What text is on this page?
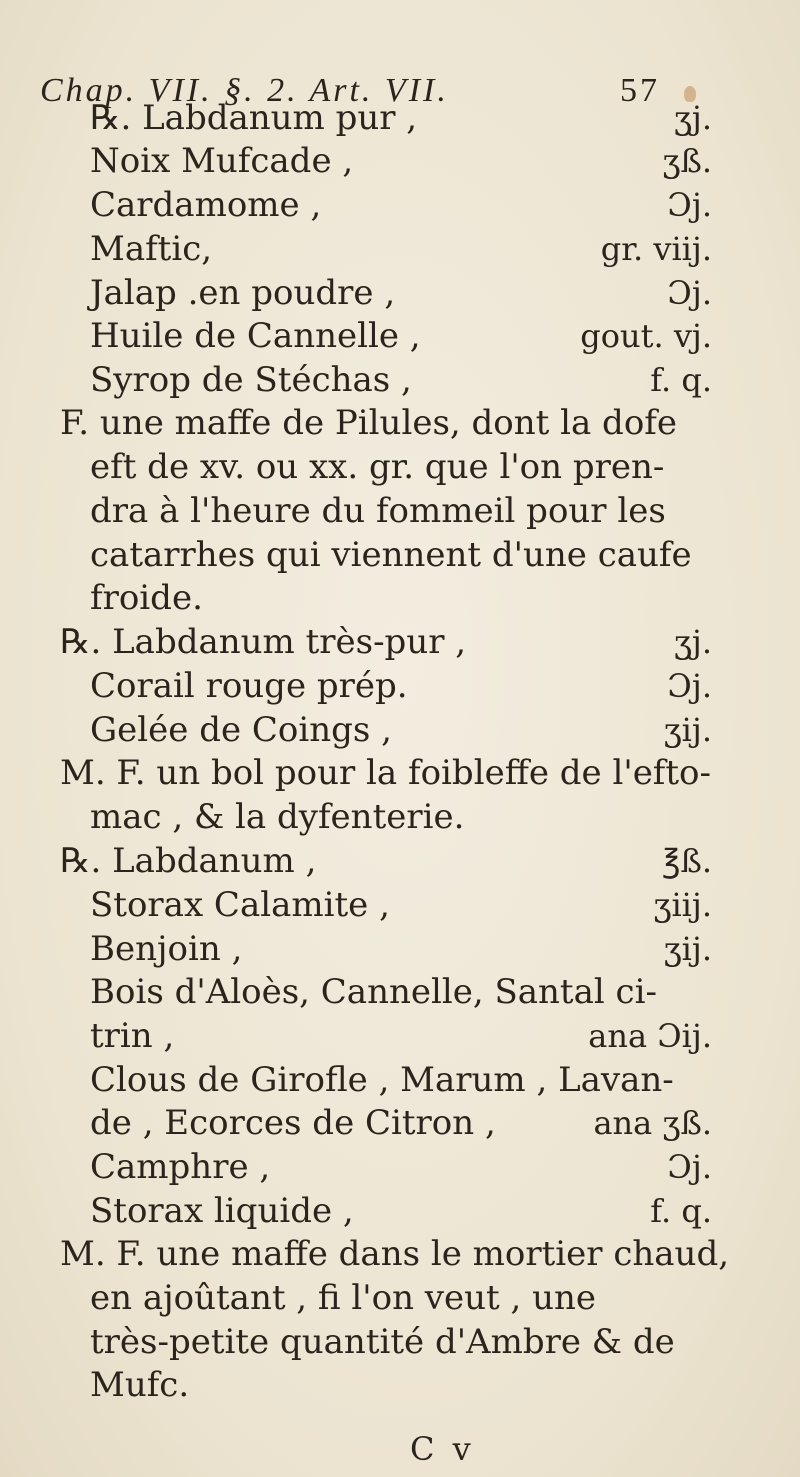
Chap. VII. §. 2. Art. VII.	57
℞. Labdanum pur ,	ʒj.
Noix Mufcade ,	ʒß.
Cardamome ,	Ɔj.
Maftic,	gr. viij.
Jalap .en poudre ,	Ɔj.
Huile de Cannelle ,	gout. vj.
Syrop de Stéchas ,	f. q.
F. une maffe de Pilules, dont la dofe
eft de xv. ou xx. gr. que l'on pren-
dra à l'heure du fommeil pour les
catarrhes qui viennent d'une caufe
froide.
℞. Labdanum très-pur ,	ʒj.
Corail rouge prép.	Ɔj.
Gelée de Coings ,	ʒij.
M. F. un bol pour la foibleffe de l'efto-
mac , & la dyfenterie.
℞. Labdanum ,	℥ß.
Storax Calamite ,	ʒiij.
Benjoin ,	ʒij.
Bois d'Aloès, Cannelle, Santal ci-
trin ,	ana Ɔij.
Clous de Girofle , Marum , Lavan-
de , Ecorces de Citron ,	ana ʒß.
Camphre ,	Ɔj.
Storax liquide ,	f. q.
M. F. une maffe dans le mortier chaud,
en ajoûtant , fi l'on veut , une
très-petite quantité d'Ambre & de
Mufc.
C v
